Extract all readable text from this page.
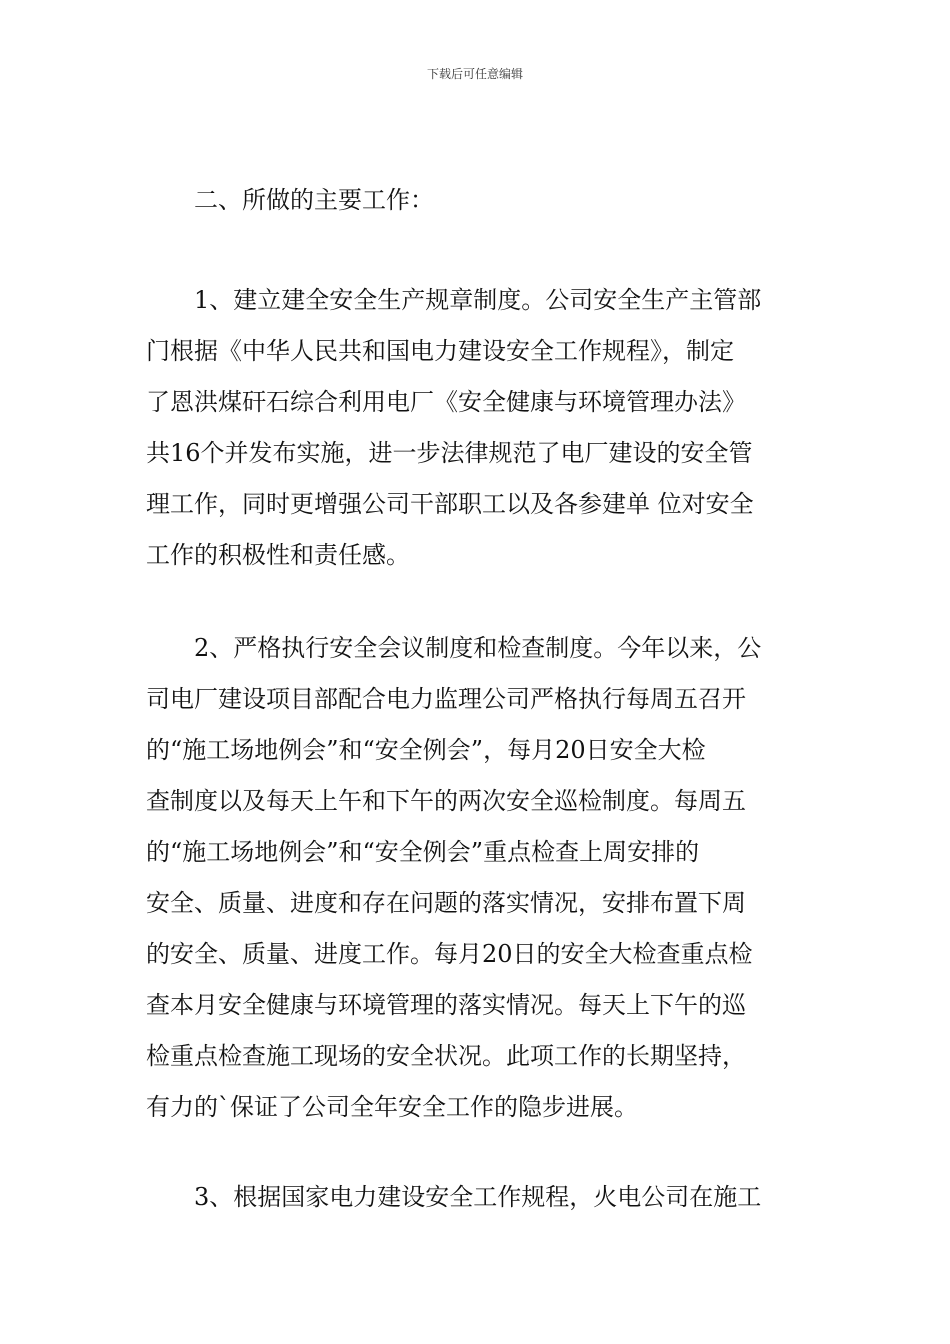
下载后可任意编辑
二、所做的主要工作：
1、建立建全安全生产规章制度。公司安全生产主管部
门根据《中华人民共和国电力建设安全工作规程》，制定
了恩洪煤矸石综合利用电厂《安全健康与环境管理办法》
共16个并发布实施，进一步法律规范了电厂建设的安全管
理工作，同时更增强公司干部职工以及各参建单 位对安全
工作的积极性和责任感。
2、严格执行安全会议制度和检查制度。今年以来，公
司电厂建设项目部配合电力监理公司严格执行每周五召开
的“施工场地例会”和“安全例会”，每月20日安全大检
查制度以及每天上午和下午的两次安全巡检制度。每周五
的“施工场地例会”和“安全例会”重点检查上周安排的
安全、质量、进度和存在问题的落实情况，安排布置下周
的安全、质量、进度工作。每月20日的安全大检查重点检
查本月安全健康与环境管理的落实情况。每天上下午的巡
检重点检查施工现场的安全状况。此项工作的长期坚持，
有力的`保证了公司全年安全工作的隐步进展。
3、根据国家电力建设安全工作规程，火电公司在施工
